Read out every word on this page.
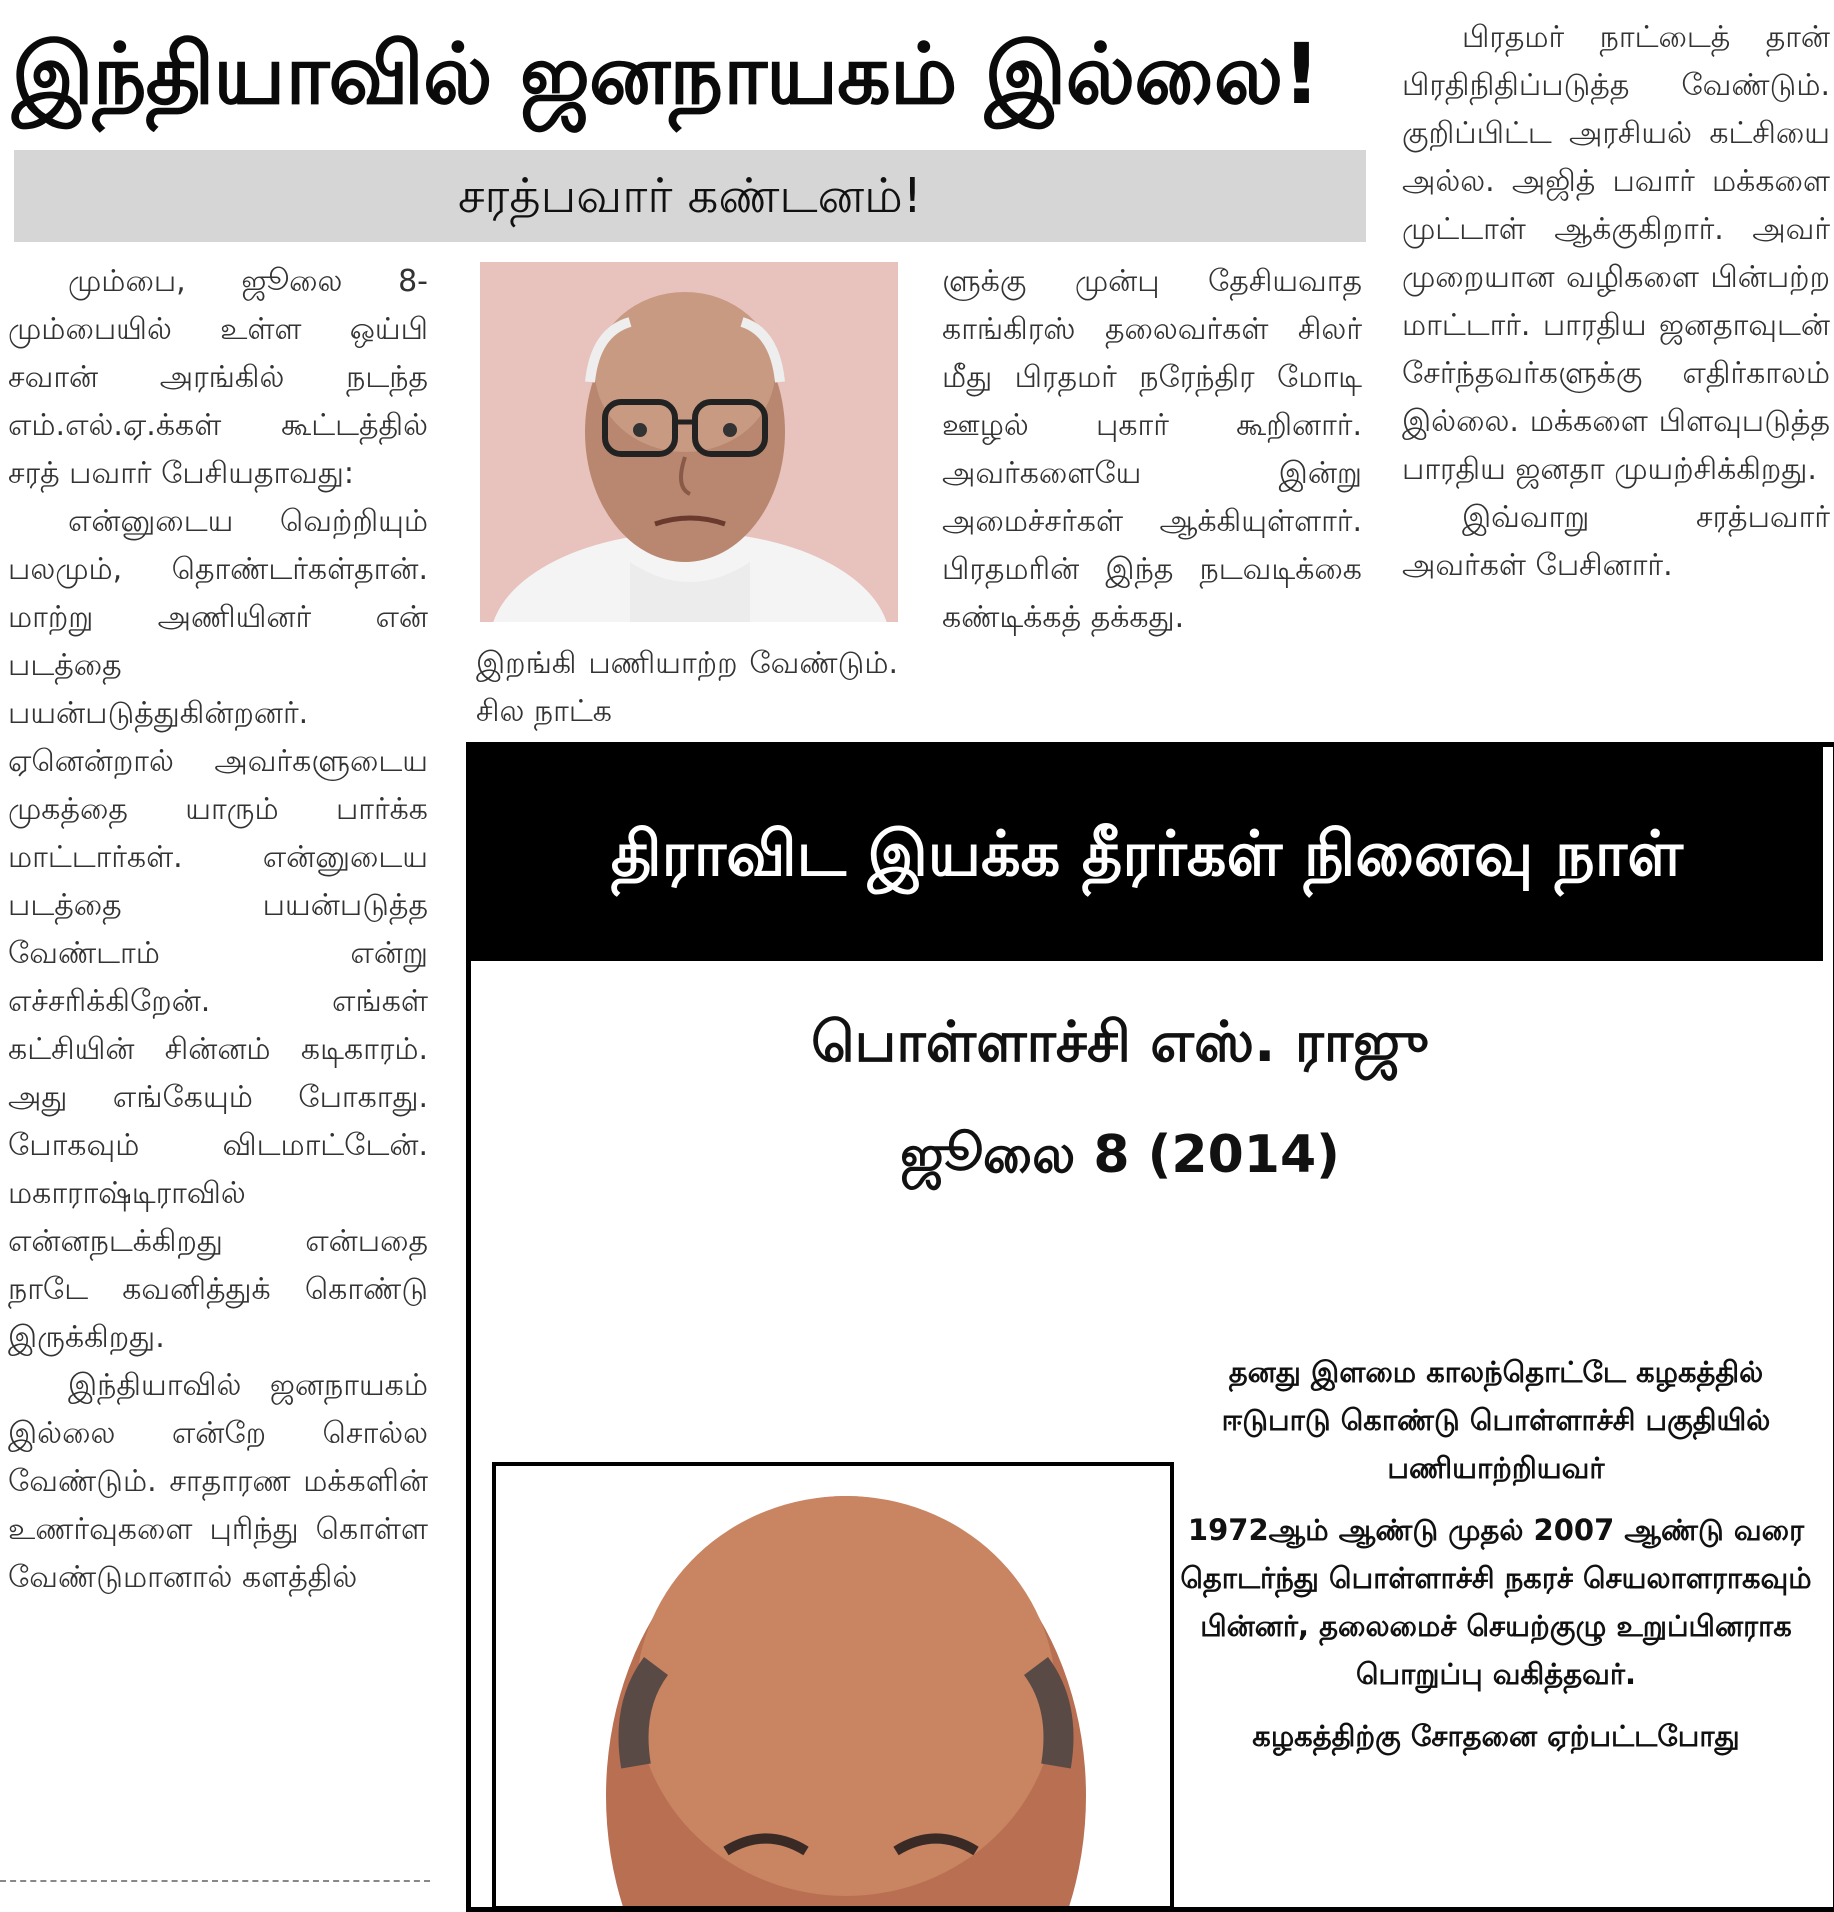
இந்தியாவில் ஜனநாயகம் இல்லை!
சரத்பவார் கண்டனம்!

மும்பை, ஜூலை 8- மும்பையில் உள்ள ஒய்பி சவான் அரங்கில் நடந்த எம்.எல்.ஏ.க்கள் கூட்டத்தில் சரத் பவார் பேசியதாவது:

என்னுடைய வெற்றியும் பலமும், தொண்டர்கள்தான். மாற்று அணியினர் என் படத்தை பயன்படுத்துகின்றனர். ஏனென்றால் அவர்களுடைய முகத்தை யாரும் பார்க்க மாட்டார்கள். என்னுடைய படத்தை பயன்படுத்த வேண்டாம் என்று எச்சரிக்கிறேன். எங்கள் கட்சியின் சின்னம் கடிகாரம். அது எங்கேயும் போகாது. போகவும் விடமாட்டேன். மகாராஷ்டிராவில் என்னநடக்கிறது என்பதை நாடே கவனித்துக் கொண்டு இருக்கிறது.

இந்தியாவில் ஜனநாயகம் இல்லை என்றே சொல்ல வேண்டும். சாதாரண மக்களின் உணர்வுகளை புரிந்து கொள்ள வேண்டுமானால் களத்தில்

இறங்கி பணியாற்ற வேண்டும். சில நாட்க

ளுக்கு முன்பு தேசியவாத காங்கிரஸ் தலைவர்கள் சிலர் மீது பிரதமர் நரேந்திர மோடி ஊழல் புகார் கூறினார். அவர்களையே இன்று அமைச்சர்கள் ஆக்கியுள்ளார். பிரதமரின் இந்த நடவடிக்கை கண்டிக்கத் தக்கது.

பிரதமர் நாட்டைத் தான் பிரதிநிதிப்படுத்த வேண்டும். குறிப்பிட்ட அரசியல் கட்சியை அல்ல. அஜித் பவார் மக்களை முட்டாள் ஆக்குகிறார். அவர் முறையான வழிகளை பின்பற்ற மாட்டார். பாரதிய ஜனதாவுடன் சேர்ந்தவர்களுக்கு எதிர்காலம் இல்லை. மக்களை பிளவுபடுத்த பாரதிய ஜனதா முயற்சிக்கிறது.

இவ்வாறு சரத்பவார் அவர்கள் பேசினார்.

திராவிட இயக்க தீரர்கள் நினைவு நாள்
பொள்ளாச்சி எஸ். ராஜு
ஜூலை 8 (2014)

தனது இளமை காலந்தொட்டே கழகத்தில் ஈடுபாடு கொண்டு பொள்ளாச்சி பகுதியில் பணியாற்றியவர்

1972ஆம் ஆண்டு முதல் 2007 ஆண்டு வரை தொடர்ந்து பொள்ளாச்சி நகரச் செயலாளராகவும் பின்னர், தலைமைச் செயற்குழு உறுப்பினராக பொறுப்பு வகித்தவர்.

கழகத்திற்கு சோதனை ஏற்பட்டபோது
